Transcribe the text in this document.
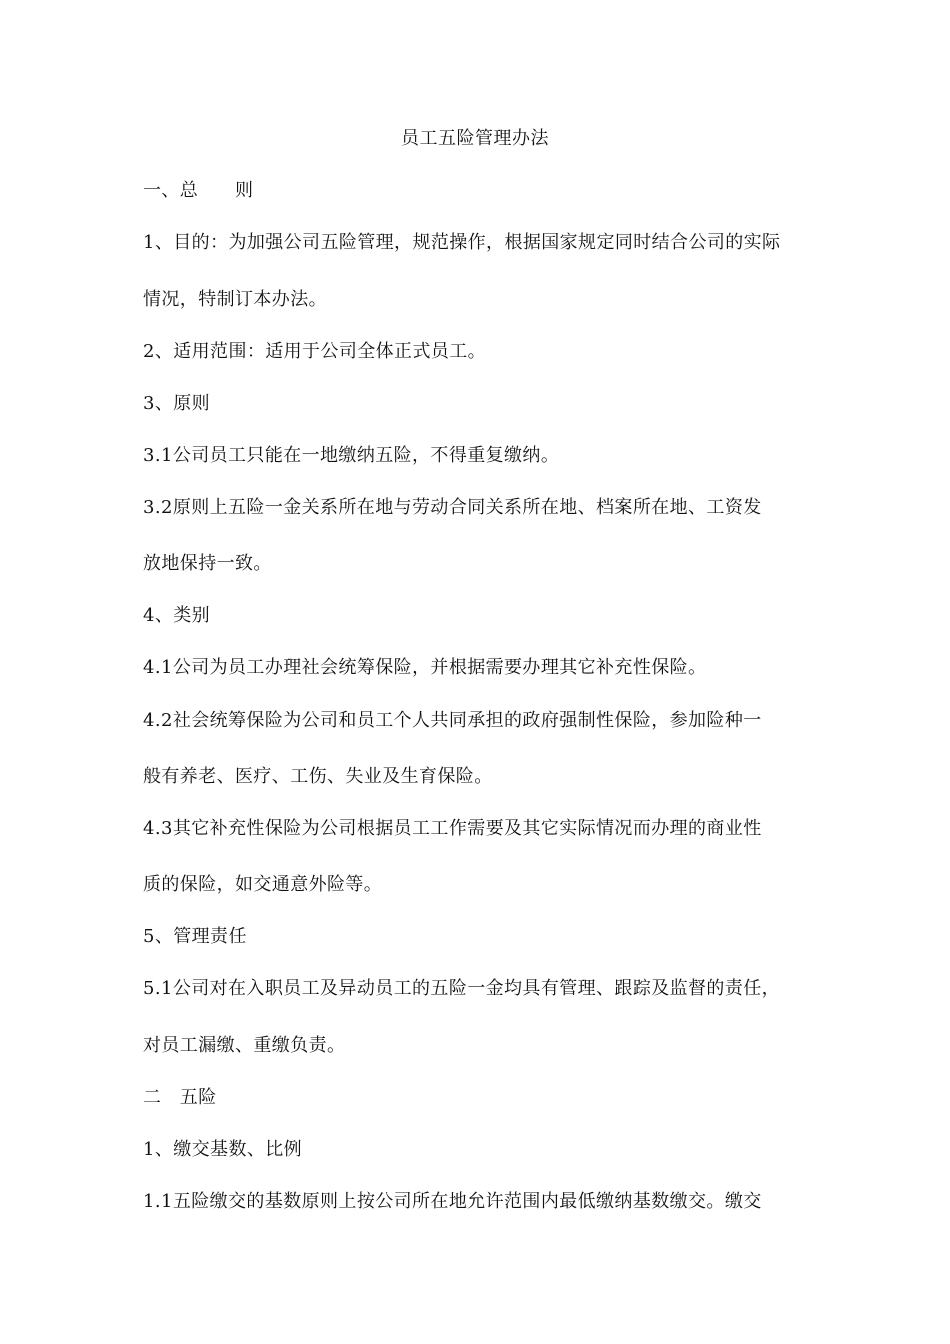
员工五险管理办法
一、总　　则
1、目的：为加强公司五险管理，规范操作，根据国家规定同时结合公司的实际
情况，特制订本办法。
2、适用范围：适用于公司全体正式员工。
3、原则
3.1公司员工只能在一地缴纳五险，不得重复缴纳。
3.2原则上五险一金关系所在地与劳动合同关系所在地、档案所在地、工资发
放地保持一致。
4、类别
4.1公司为员工办理社会统筹保险，并根据需要办理其它补充性保险。
4.2社会统筹保险为公司和员工个人共同承担的政府强制性保险，参加险种一
般有养老、医疗、工伤、失业及生育保险。
4.3其它补充性保险为公司根据员工工作需要及其它实际情况而办理的商业性
质的保险，如交通意外险等。
5、管理责任
5.1公司对在入职员工及异动员工的五险一金均具有管理、跟踪及监督的责任，
对员工漏缴、重缴负责。
二　五险
1、缴交基数、比例
1.1五险缴交的基数原则上按公司所在地允许范围内最低缴纳基数缴交。缴交
